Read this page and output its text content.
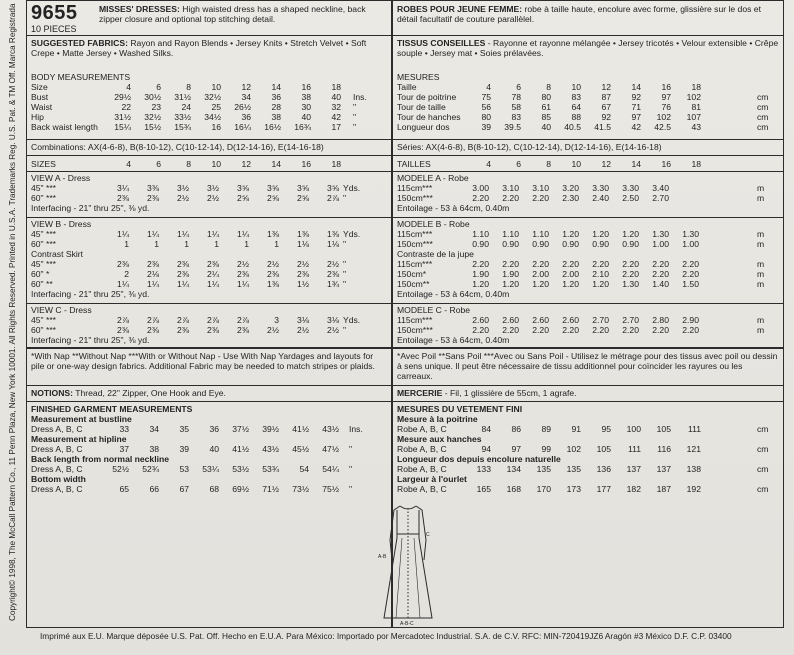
Copyright© 1998, The McCall Pattern Co., 11 Penn Plaza, New York 10001. All Rights Reserved. Printed in U.S.A. Trademarks Reg. U.S. Pat. & TM Off. Marca Registrada 9655
10 PIECES
MISSES' DRESSES: High waisted dress has a shaped neckline, back zipper closure and optional top stitching detail.
SUGGESTED FABRICS: Rayon and Rayon Blends • Jersey Knits • Stretch Velvet • Soft Crepe • Matte Jersey • Washed Silks.
BODY MEASUREMENTS
Size	4	6	8	10	12	14	16	18
Bust	29½	30½	31½	32½	34	36	38	40 Ins.
Waist	22	23	24	25	26½	28	30	32 "
Hip	31½	32½	33½	34½	36	38	40	42 "
Back waist length	15¼	15½	15¾	16	16¼	16½	16¾	17 "
Combinations: AX(4-6-8), B(8-10-12), C(10-12-14), D(12-14-16), E(14-16-18)
SIZES	4	6	8	10	12	14	16	18
VIEW A - Dress
45" ***	3¼	3⅜	3½	3½	3⅝	3⅝	3⅝	3⅝ Yds.
60" ***	2⅜	2⅜	2½	2½	2⅝	2⅝	2⅝	2⅞ "
Interfacing - 21" thru 25", ⅜ yd.
VIEW B - Dress
45" ***	1¼	1¼	1¼	1¼	1¼	1⅜	1⅜	1⅜ Yds.
60" ***	1	1	1	1	1	1	1⅛	1⅛ "
Contrast Skirt
45" ***	2⅜	2⅜	2⅜	2⅜	2½	2½	2½	2½ "
60" *	2	2⅛	2⅜	2¼	2⅜	2⅜	2⅜	2⅜ "
60" **	1¼	1¼	1¼	1¼	1¼	1⅜	1½	1¾ "
Interfacing - 21" thru 25", ⅜ yd.
VIEW C - Dress
45" ***	2⅞	2⅞	2⅞	2⅞	2⅞	3	3⅛	3⅛ Yds.
60" ***	2⅜	2⅜	2⅜	2⅜	2⅜	2½	2½	2½ "
Interfacing - 21" thru 25", ⅜ yd.
*With Nap **Without Nap ***With or Without Nap - Use With Nap Yardages and layouts for pile or one-way design fabrics. Additional Fabric may be needed to match stripes or plaids.
NOTIONS: Thread, 22" Zipper, One Hook and Eye.
FINISHED GARMENT MEASUREMENTS
Measurement at bustline
Dress A, B, C	33	34	35	36	37½	39½	41½	43½ Ins.
Measurement at hipline
Dress A, B, C	37	38	39	40	41½	43½	45½	47½ "
Back length from normal neckline
Dress A, B, C	52½	52¾	53	53¼	53½	53¾	54	54¼ "
Bottom width
Dress A, B, C	65	66	67	68	69½	71½	73½	75½ "
ROBES POUR JEUNE FEMME: robe à taille haute, encolure avec forme, glissière sur le dos et détail facultatif de couture parallèlel.
TISSUS CONSEILLES - Rayonne et rayonne mélangée • Jersey tricotés • Velour extensible • Crêpe souple • Jersey mat • Soies prélavées.
MESURES
Taille	4	6	8	10	12	14	16	18
Tour de poitrine	75	78	80	83	87	92	97	102	cm
Tour de taille	56	58	61	64	67	71	76	81	cm
Tour de hanches	80	83	85	88	92	97	102	107	cm
Longueur dos	39	39.5	40	40.5	41.5	42	42.5	43	cm
Séries: AX(4-6-8), B(8-10-12), C(10-12-14), D(12-14-16), E(14-16-18)
TAILLES	4	6	8	10	12	14	16	18
MODELE A - Robe
115cm***	3.00	3.10	3.10	3.20	3.30	3.30	3.40	m
150cm***	2.20	2.20	2.20	2.30	2.40	2.50	2.70	m
Entoilage - 53 à 64cm, 0.40m
MODELE B - Robe
115cm***	1.10	1.10	1.10	1.20	1.20	1.20	1.30	1.30	m
150cm***	0.90	0.90	0.90	0.90	0.90	0.90	1.00	1.00	m
Contraste de la jupe
115cm***	2.20	2.20	2.20	2.20	2.20	2.20	2.20	2.20	m
150cm*	1.90	1.90	2.00	2.00	2.10	2.20	2.20	2.20	m
150cm**	1.20	1.20	1.20	1.20	1.20	1.30	1.40	1.50	m
Entoilage - 53 à 64cm, 0.40m
MODELE C - Robe
115cm***	2.60	2.60	2.60	2.60	2.70	2.70	2.80	2.90	m
150cm***	2.20	2.20	2.20	2.20	2.20	2.20	2.20	2.20	m
Entoilage - 53 à 64cm, 0.40m
*Avec Poil **Sans Poil ***Avec ou Sans Poil - Utilisez le métrage pour des tissus avec poil ou dessin à sens unique. Il peut être nécessaire de tissu additionnel pour coïncider les rayures ou les carreaux.
MERCERIE - Fil, 1 glissière de 55cm, 1 agrafe.
MESURES DU VETEMENT FINI
Mesure à la poitrine
Robe A, B, C	84	86	89	91	95	100	105	111	cm
Mesure aux hanches
Robe A, B, C	94	97	99	102	105	111	116	121	cm
Longueur dos depuis encolure naturelle
Robe A, B, C	133	134	135	135	136	137	137	138	cm
Largeur à l'ourlet
Robe A, B, C	165	168	170	173	177	182	187	192	cm
A-B
C
A-B-C
Imprimé aux E.U. Marque déposée U.S. Pat. Off. Hecho en E.U.A. Para México: Importado por Mercadotec Industrial. S.A. de C.V. RFC: MIN-720419JZ6 Aragón #3 México D.F. C.P. 03400
